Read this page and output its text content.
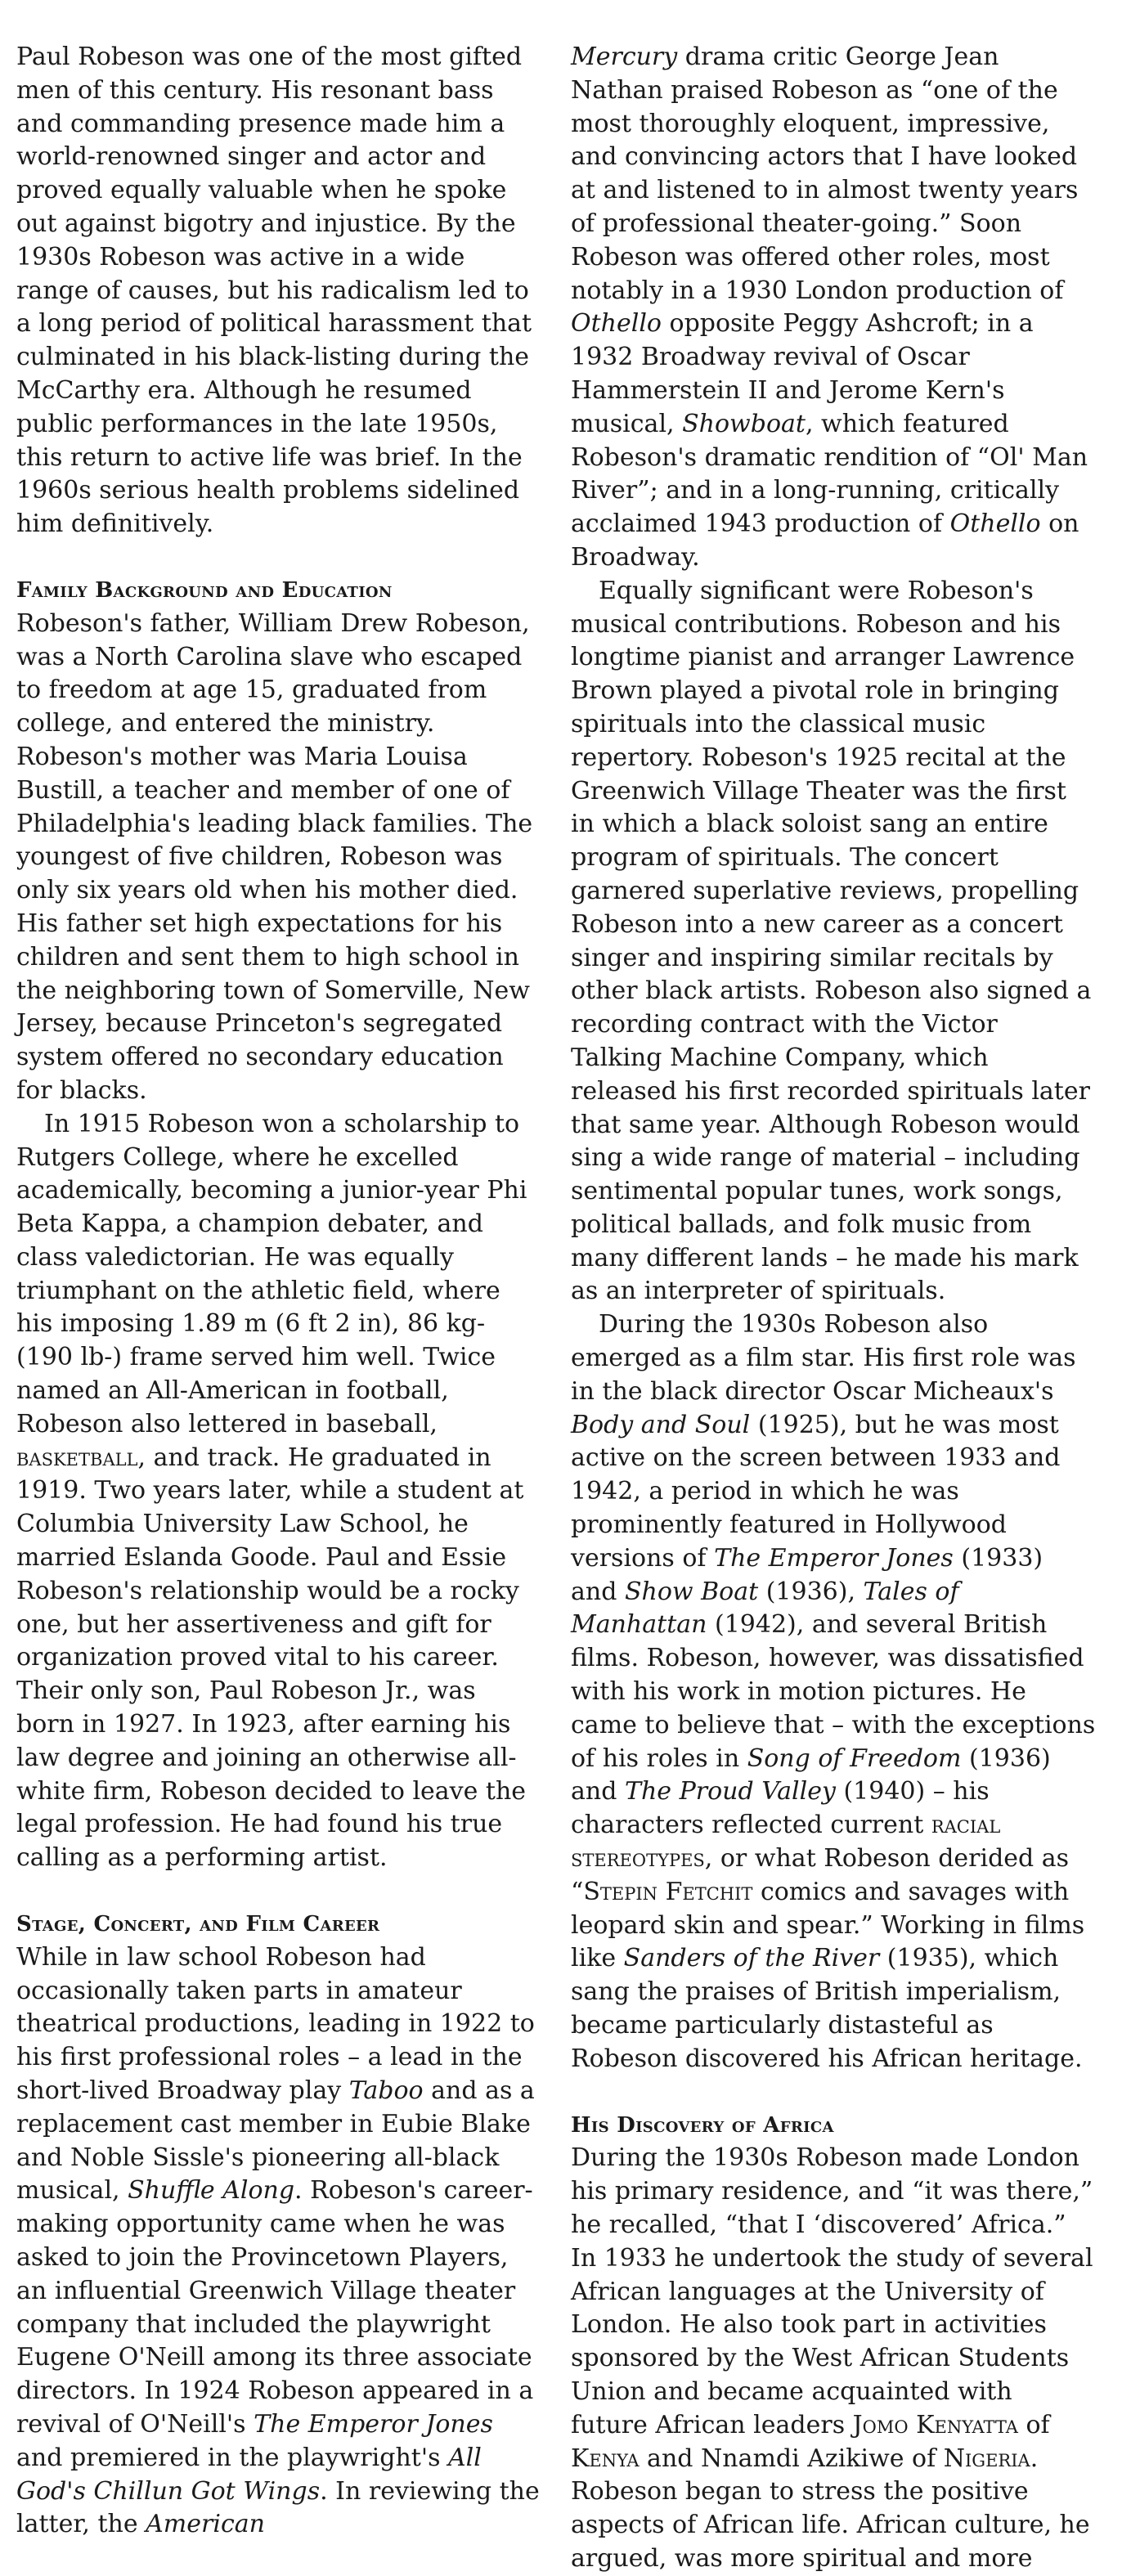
Paul Robeson was one of the most gifted men of this century. His resonant bass and commanding presence made him a world-renowned singer and actor and proved equally valuable when he spoke out against bigotry and injustice. By the 1930s Robeson was active in a wide range of causes, but his radicalism led to a long period of political harassment that culminated in his black-listing during the McCarthy era. Although he resumed public performances in the late 1950s, this return to active life was brief. In the 1960s serious health problems sidelined him definitively.

Family Background and Education

Robeson's father, William Drew Robeson, was a North Carolina slave who escaped to freedom at age 15, graduated from college, and entered the ministry. Robeson's mother was Maria Louisa Bustill, a teacher and member of one of Philadelphia's leading black families. The youngest of five children, Robeson was only six years old when his mother died. His father set high expectations for his children and sent them to high school in the neighboring town of Somerville, New Jersey, because Princeton's segregated system offered no secondary education for blacks.

In 1915 Robeson won a scholarship to Rutgers College, where he excelled academically, becoming a junior-year Phi Beta Kappa, a champion debater, and class valedictorian. He was equally triumphant on the athletic field, where his imposing 1.89 m (6 ft 2 in), 86 kg- (190 lb-) frame served him well. Twice named an All-American in football, Robeson also lettered in baseball, basketball, and track. He graduated in 1919. Two years later, while a student at Columbia University Law School, he married Eslanda Goode. Paul and Essie Robeson's relationship would be a rocky one, but her assertiveness and gift for organization proved vital to his career. Their only son, Paul Robeson Jr., was born in 1927. In 1923, after earning his law degree and joining an otherwise all-white firm, Robeson decided to leave the legal profession. He had found his true calling as a performing artist.

Stage, Concert, and Film Career

While in law school Robeson had occasionally taken parts in amateur theatrical productions, leading in 1922 to his first professional roles – a lead in the short-lived Broadway play Taboo and as a replacement cast member in Eubie Blake and Noble Sissle's pioneering all-black musical, Shuffle Along. Robeson's career-making opportunity came when he was asked to join the Provincetown Players, an influential Greenwich Village theater company that included the playwright Eugene O'Neill among its three associate directors. In 1924 Robeson appeared in a revival of O'Neill's The Emperor Jones and premiered in the playwright's All God's Chillun Got Wings. In reviewing the latter, the American

Mercury drama critic George Jean Nathan praised Robeson as “one of the most thoroughly eloquent, impressive, and convincing actors that I have looked at and listened to in almost twenty years of professional theater-going.” Soon Robeson was offered other roles, most notably in a 1930 London production of Othello opposite Peggy Ashcroft; in a 1932 Broadway revival of Oscar Hammerstein II and Jerome Kern's musical, Showboat, which featured Robeson's dramatic rendition of “Ol' Man River”; and in a long-running, critically acclaimed 1943 production of Othello on Broadway.

Equally significant were Robeson's musical contributions. Robeson and his longtime pianist and arranger Lawrence Brown played a pivotal role in bringing spirituals into the classical music repertory. Robeson's 1925 recital at the Greenwich Village Theater was the first in which a black soloist sang an entire program of spirituals. The concert garnered superlative reviews, propelling Robeson into a new career as a concert singer and inspiring similar recitals by other black artists. Robeson also signed a recording contract with the Victor Talking Machine Company, which released his first recorded spirituals later that same year. Although Robeson would sing a wide range of material – including sentimental popular tunes, work songs, political ballads, and folk music from many different lands – he made his mark as an interpreter of spirituals.

During the 1930s Robeson also emerged as a film star. His first role was in the black director Oscar Micheaux's Body and Soul (1925), but he was most active on the screen between 1933 and 1942, a period in which he was prominently featured in Hollywood versions of The Emperor Jones (1933) and Show Boat (1936), Tales of Manhattan (1942), and several British films. Robeson, however, was dissatisfied with his work in motion pictures. He came to believe that – with the exceptions of his roles in Song of Freedom (1936) and The Proud Valley (1940) – his characters reflected current racial stereotypes, or what Robeson derided as “Stepin Fetchit comics and savages with leopard skin and spear.” Working in films like Sanders of the River (1935), which sang the praises of British imperialism, became particularly distasteful as Robeson discovered his African heritage.

His Discovery of Africa

During the 1930s Robeson made London his primary residence, and “it was there,” he recalled, “that I ‘discovered’ Africa.” In 1933 he undertook the study of several African languages at the University of London. He also took part in activities sponsored by the West African Students Union and became acquainted with future African leaders Jomo Kenyatta of Kenya and Nnamdi Azikiwe of Nigeria. Robeson began to stress the positive aspects of African life. African culture, he argued, was more spiritual and more
